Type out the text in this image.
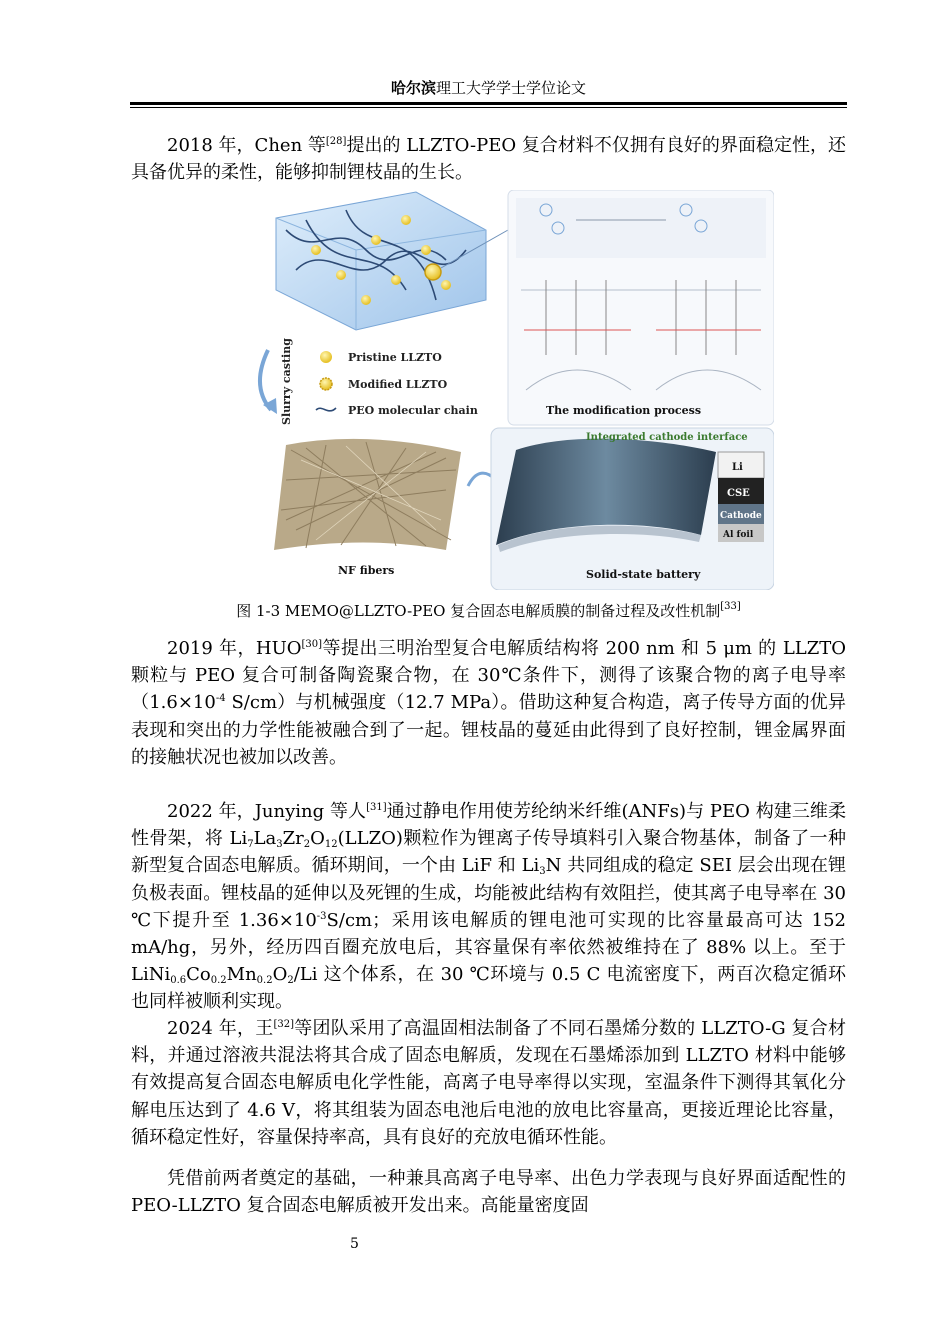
哈尔滨理工大学学士学位论文

2018 年，Chen 等[28]提出的 LLZTO-PEO 复合材料不仅拥有良好的界面稳定性，还具备优异的柔性，能够抑制锂枝晶的生长。

Slurry casting	Pristine LLZTO
Modified LLZTO
PEO molecular chain	The modification process
NF fibers
Integrated cathode interface
Li
CSE
Cathode
Al foil
Solid-state battery
图 1-3 MEMO@LLZTO-PEO 复合固态电解质膜的制备过程及改性机制[33]

2019 年，HUO[30]等提出三明治型复合电解质结构将 200 nm 和 5 μm 的 LLZTO 颗粒与 PEO 复合可制备陶瓷聚合物，在 30℃条件下，测得了该聚合物的离子电导率（$1.6\times 10^{-4}$ S/cm）与机械强度（12.7 MPa）。借助这种复合构造，离子传导方面的优异表现和突出的力学性能被融合到了一起。锂枝晶的蔓延由此得到了良好控制，锂金属界面的接触状况也被加以改善。

2022 年，Junying 等人[31]通过静电作用使芳纶纳米纤维(ANFs)与 PEO 构建三维柔性骨架，将 $Li_7La_3Zr_2O_{12}(LLZO)$颗粒作为锂离子传导填料引入聚合物基体，制备了一种新型复合固态电解质。循环期间，一个由 LiF 和 $Li_3N$ 共同组成的稳定 SEI 层会出现在锂负极表面。锂枝晶的延伸以及死锂的生成，均能被此结构有效阻拦，使其离子电导率在 30 ℃下提升至 $1.36\times 10^{-3}S/cm$；采用该电解质的锂电池可实现的比容量最高可达 152 mA/hg，另外，经历四百圈充放电后，其容量保有率依然被维持在了 88% 以上。至于 $LiNi_{0.6}Co_{0.2}Mn_{0.2}O_2/Li$ 这个体系，在 30 ℃环境与 0.5 C 电流密度下，两百次稳定循环也同样被顺利实现。

2024 年，王[32]等团队采用了高温固相法制备了不同石墨烯分数的 LLZTO-G 复合材料，并通过溶液共混法将其合成了固态电解质，发现在石墨烯添加到 LLZTO 材料中能够有效提高复合固态电解质电化学性能，高离子电导率得以实现，室温条件下测得其氧化分解电压达到了 4.6 V，将其组装为固态电池后电池的放电比容量高，更接近理论比容量，循环稳定性好，容量保持率高，具有良好的充放电循环性能。

凭借前两者奠定的基础，一种兼具高离子电导率、出色力学表现与良好界面适配性的 PEO-LLZTO 复合固态电解质被开发出来。高能量密度固

5
